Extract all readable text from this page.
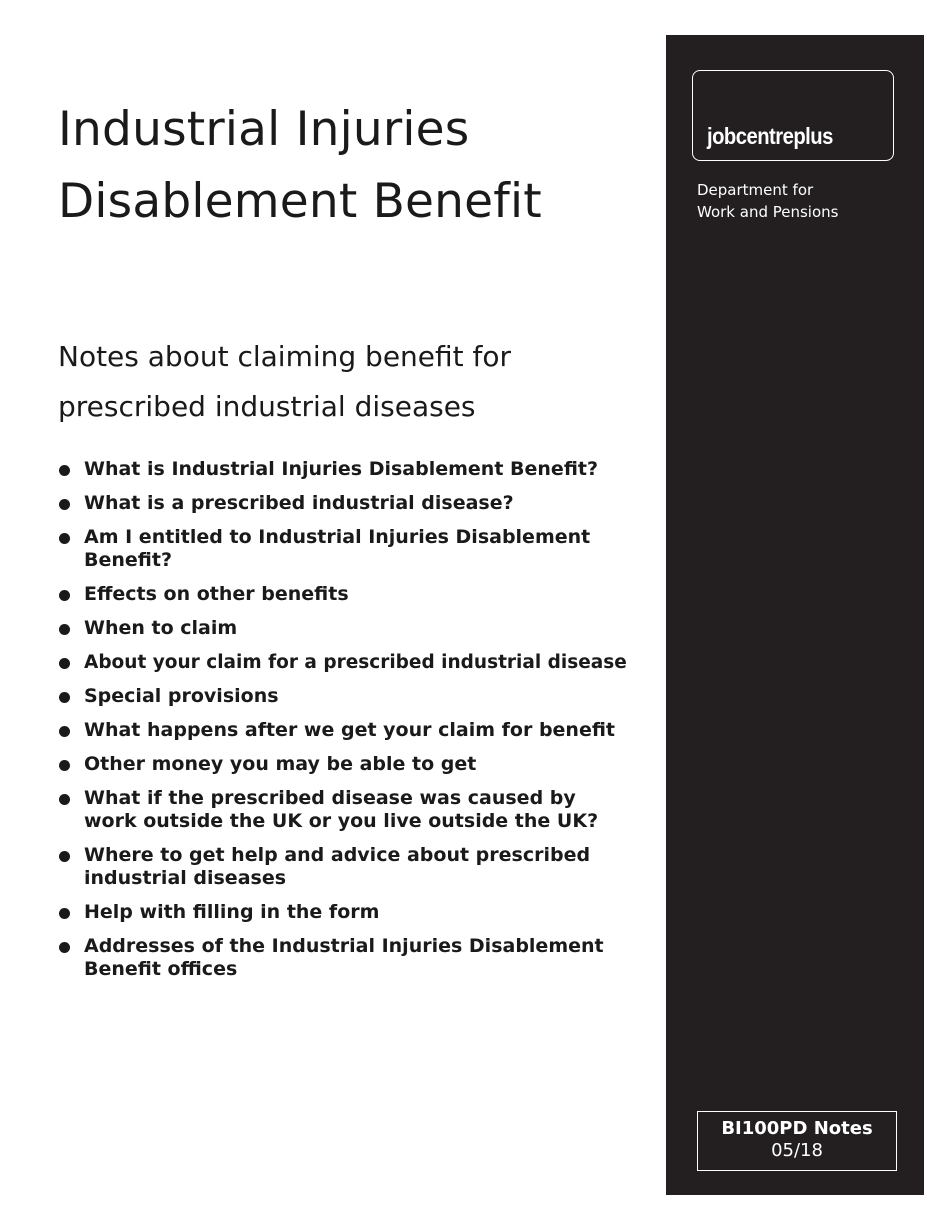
Industrial Injuries
Disablement Benefit
Notes about claiming benefit for
prescribed industrial diseases
What is Industrial Injuries Disablement Benefit?
What is a prescribed industrial disease?
Am I entitled to Industrial Injuries Disablement Benefit?
Effects on other benefits
When to claim
About your claim for a prescribed industrial disease
Special provisions
What happens after we get your claim for benefit
Other money you may be able to get
What if the prescribed disease was caused by work outside the UK or you live outside the UK?
Where to get help and advice about prescribed industrial diseases
Help with filling in the form
Addresses of the Industrial Injuries Disablement Benefit offices
jobcentreplus
Department for
Work and Pensions
BI100PD Notes
05/18
